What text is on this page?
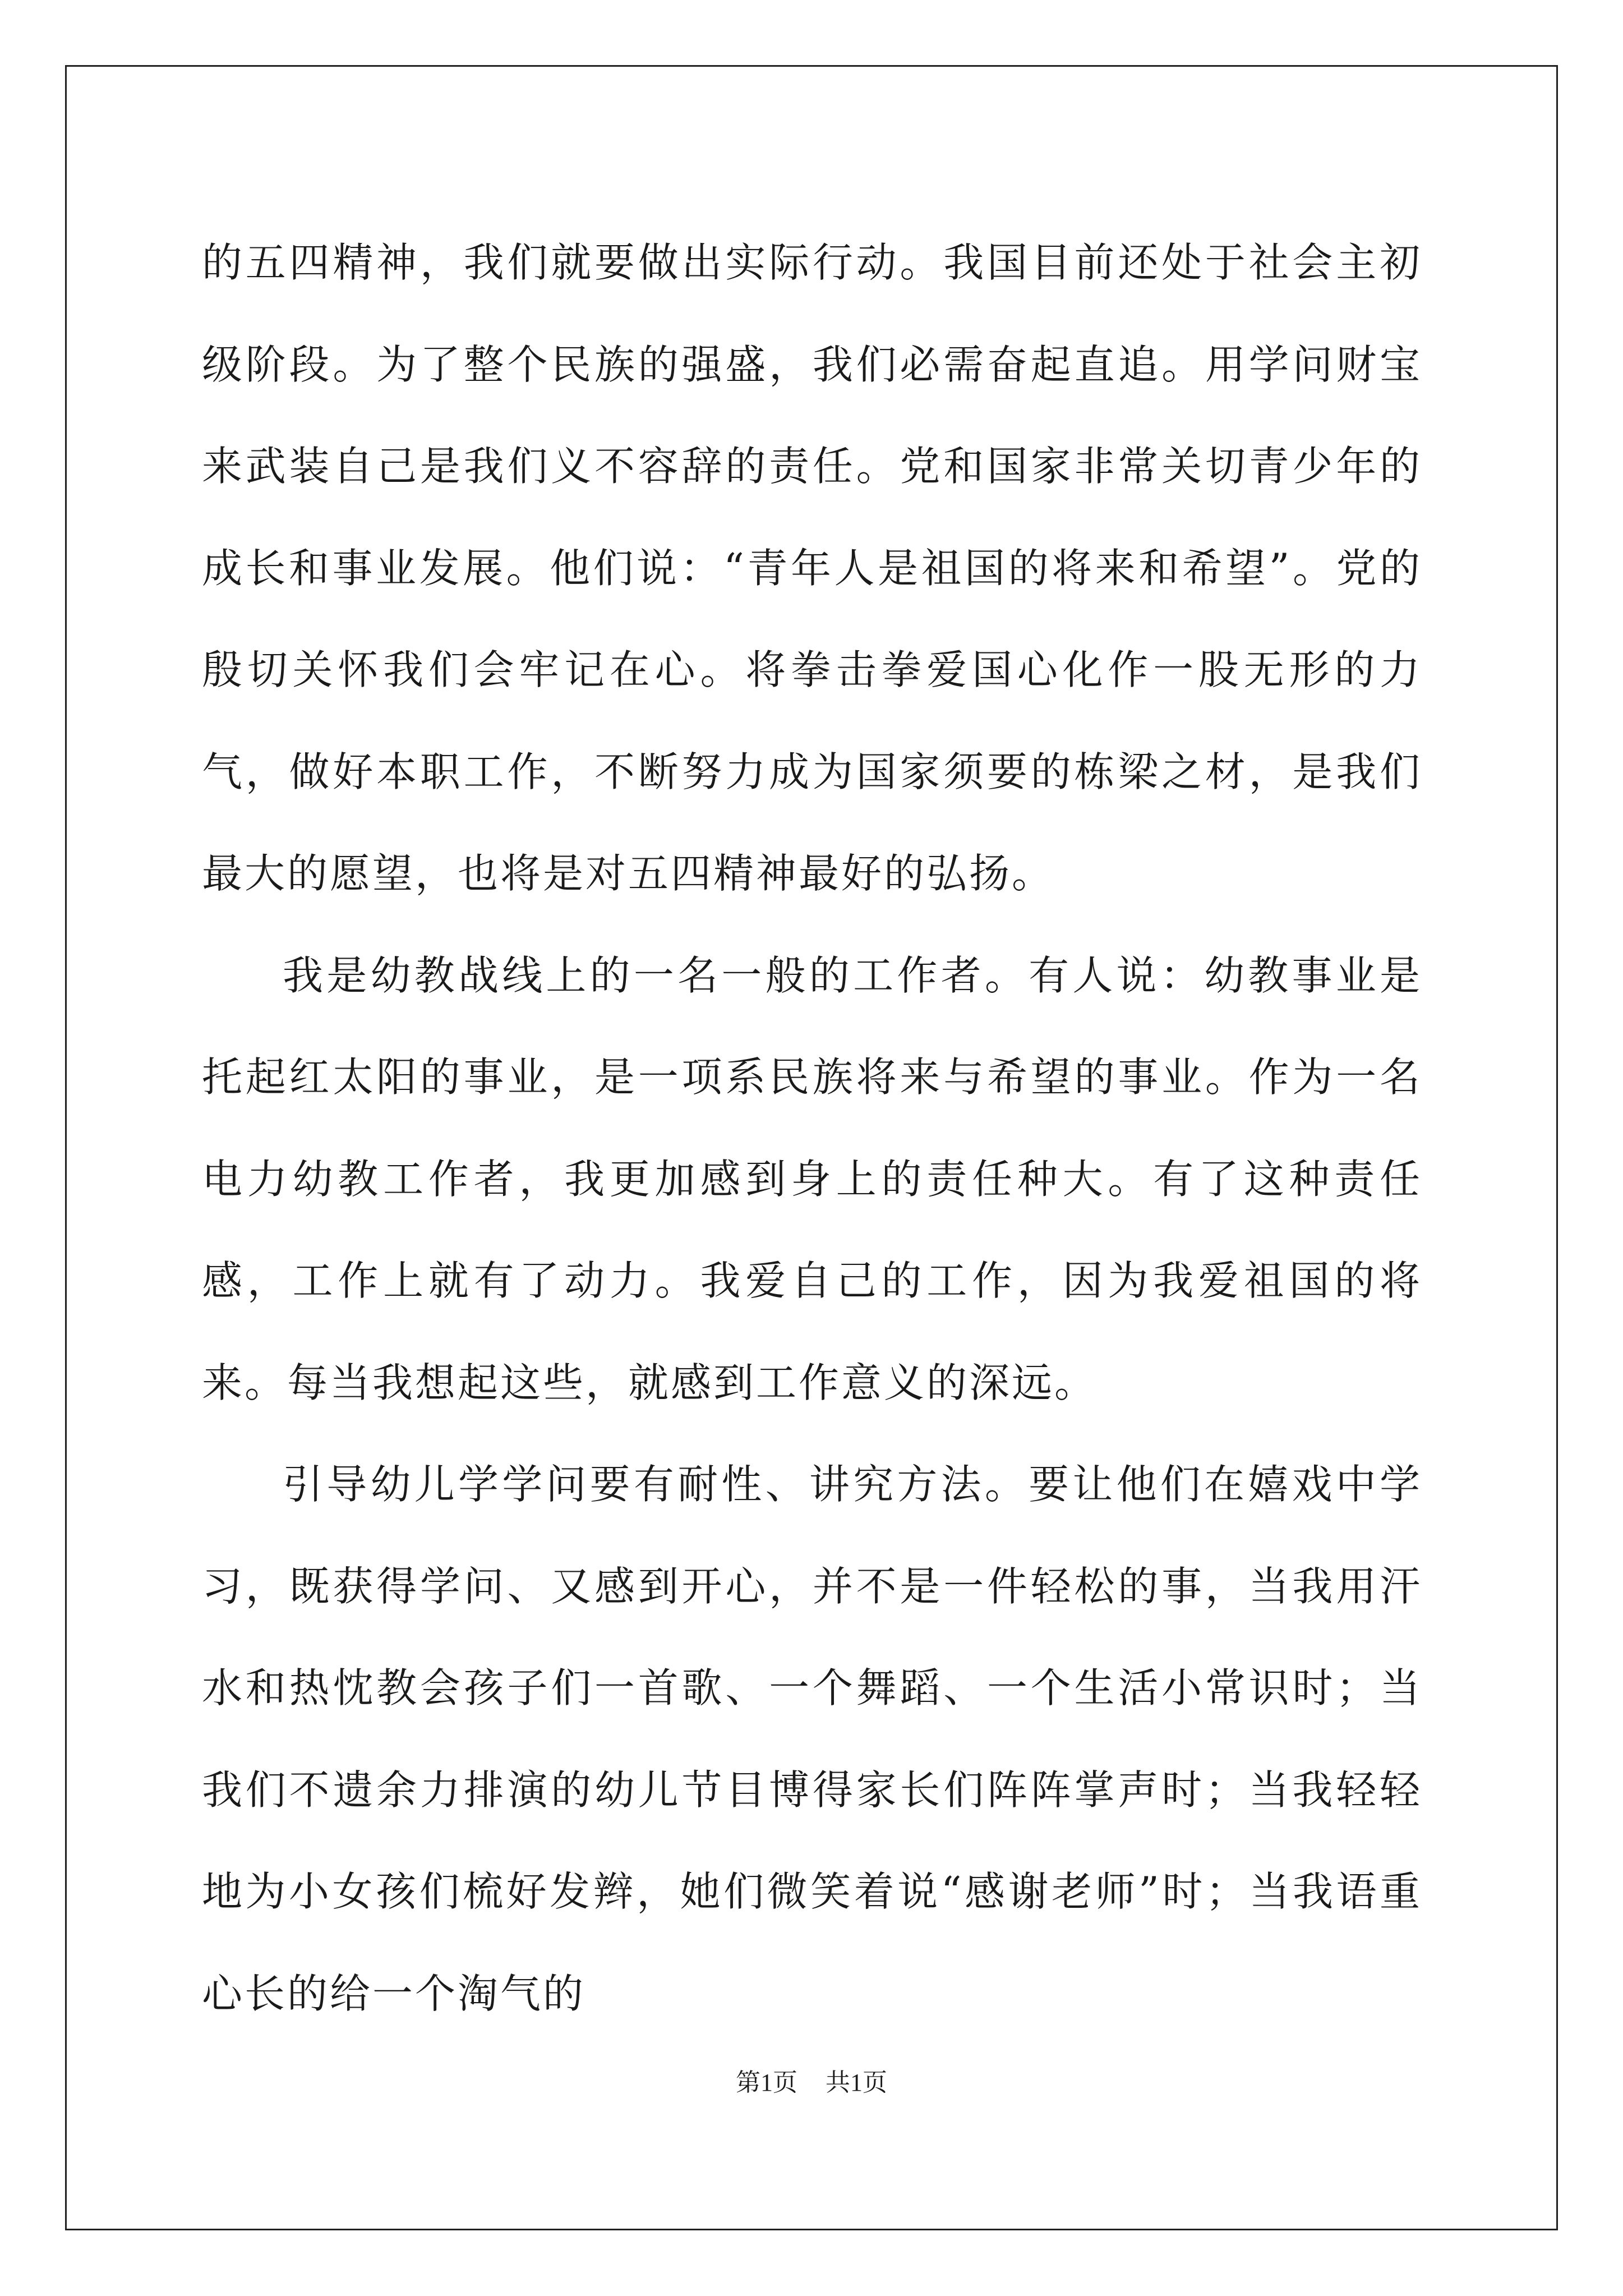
的五四精神，我们就要做出实际行动。我国目前还处于社会主初级阶段。为了整个民族的强盛，我们必需奋起直追。用学问财宝来武装自己是我们义不容辞的责任。党和国家非常关切青少年的成长和事业发展。他们说：“青年人是祖国的将来和希望”。党的殷切关怀我们会牢记在心。将拳击拳爱国心化作一股无形的力气，做好本职工作，不断努力成为国家须要的栋梁之材，是我们最大的愿望，也将是对五四精神最好的弘扬。

我是幼教战线上的一名一般的工作者。有人说：幼教事业是托起红太阳的事业，是一项系民族将来与希望的事业。作为一名电力幼教工作者，我更加感到身上的责任种大。有了这种责任感，工作上就有了动力。我爱自己的工作，因为我爱祖国的将来。每当我想起这些，就感到工作意义的深远。

引导幼儿学学问要有耐性、讲究方法。要让他们在嬉戏中学习，既获得学问、又感到开心，并不是一件轻松的事，当我用汗水和热忱教会孩子们一首歌、一个舞蹈、一个生活小常识时；当我们不遗余力排演的幼儿节目博得家长们阵阵掌声时；当我轻轻地为小女孩们梳好发辫，她们微笑着说“感谢老师”时；当我语重心长的给一个淘气的

第1页 共1页
